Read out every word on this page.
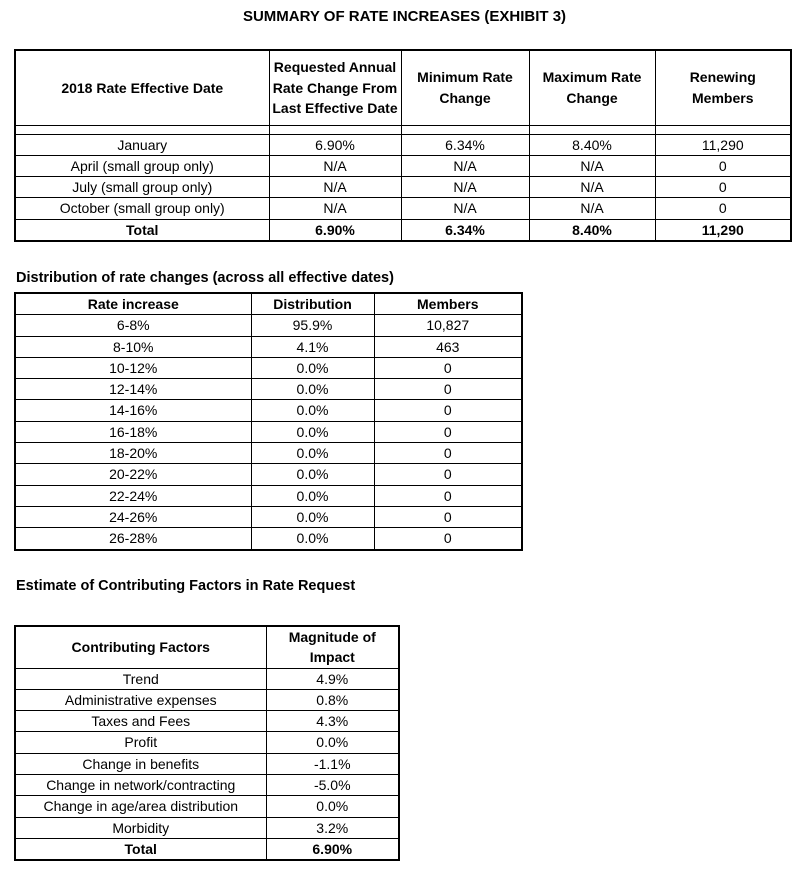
SUMMARY OF RATE INCREASES (EXHIBIT 3)
2018 Rate Effective Date	Requested Annual Rate Change From Last Effective Date	Minimum Rate Change	Maximum Rate Change	Renewing Members

January	6.90%	6.34%	8.40%	11,290
April (small group only)	N/A	N/A	N/A	0
July (small group only)	N/A	N/A	N/A	0
October (small group only)	N/A	N/A	N/A	0
Total	6.90%	6.34%	8.40%	11,290
Distribution of rate changes (across all effective dates)
Rate increase	Distribution	Members
6-8%	95.9%	10,827
8-10%	4.1%	463
10-12%	0.0%	0
12-14%	0.0%	0
14-16%	0.0%	0
16-18%	0.0%	0
18-20%	0.0%	0
20-22%	0.0%	0
22-24%	0.0%	0
24-26%	0.0%	0
26-28%	0.0%	0
Estimate of Contributing Factors in Rate Request
Contributing Factors	Magnitude of Impact
Trend	4.9%
Administrative expenses	0.8%
Taxes and Fees	4.3%
Profit	0.0%
Change in benefits	-1.1%
Change in network/contracting	-5.0%
Change in age/area distribution	0.0%
Morbidity	3.2%
Total	6.90%
